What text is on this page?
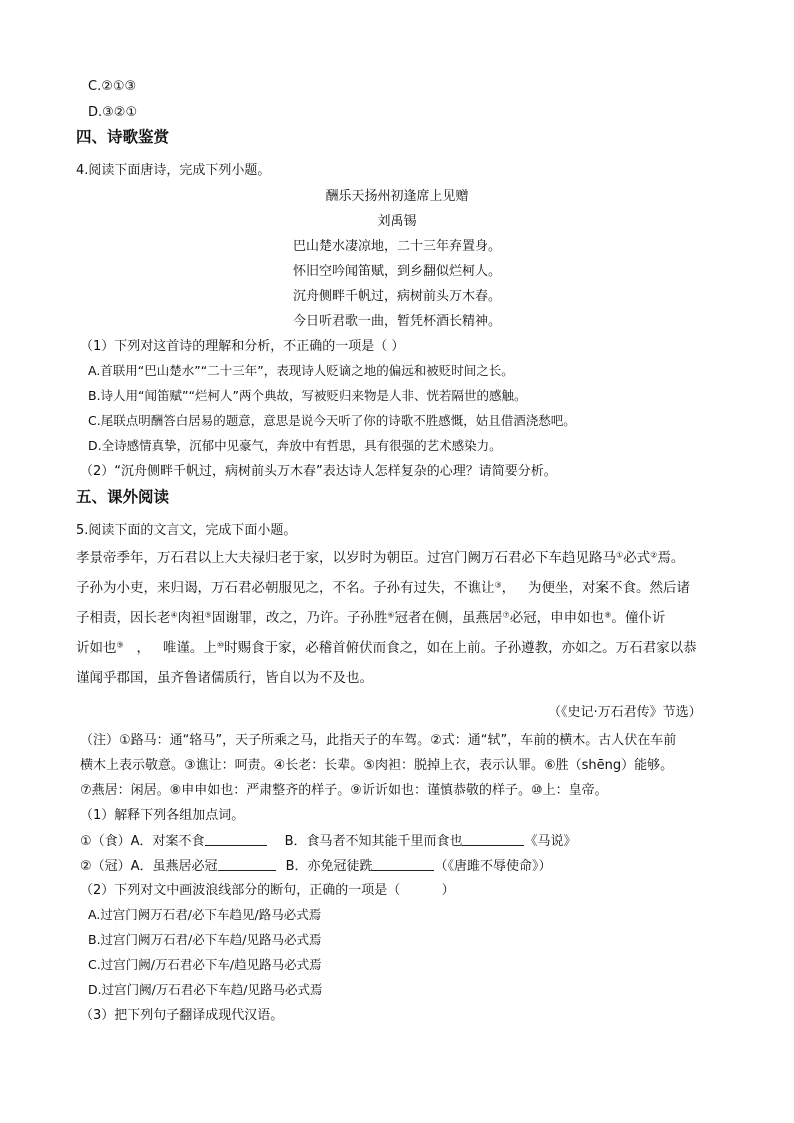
C.②①③
D.③②①
四、诗歌鉴赏
4.阅读下面唐诗，完成下列小题。
酬乐天扬州初逢席上见赠
刘禹锡
巴山楚水凄凉地，二十三年弃置身。
怀旧空吟闻笛赋，到乡翻似烂柯人。
沉舟侧畔千帆过，病树前头万木春。
今日听君歌一曲，暂凭杯酒长精神。
（1）下列对这首诗的理解和分析，不正确的一项是（ ）
A.首联用“巴山楚水”“二十三年”，表现诗人贬谪之地的偏远和被贬时间之长。
B.诗人用“闻笛赋”“烂柯人”两个典故，写被贬归来物是人非、恍若隔世的感触。
C.尾联点明酬答白居易的题意，意思是说今天听了你的诗歌不胜感慨，姑且借酒浇愁吧。
D.全诗感情真挚，沉郁中见豪气，奔放中有哲思，具有很强的艺术感染力。
（2）“沉舟侧畔千帆过，病树前头万木春”表达诗人怎样复杂的心理？请简要分析。
五、课外阅读
5.阅读下面的文言文，完成下面小题。
孝景帝季年，万石君以上大夫禄归老于家，以岁时为朝臣。过宫门阙万石君必下车趋见路马①必式②焉。
子孙为小吏，来归谒，万石君必朝服见之，不名。子孙有过失，不谯让③，   为便坐，对案不食。然后诸
子相责，因长老④肉袒⑤固谢罪，改之，乃许。子孙胜⑥冠者在侧，虽燕居⑦必冠，申申如也⑧。僮仆䜣
䜣如也⑨   ，   唯谨。上⑩时赐食于家，必稽首俯伏而食之，如在上前。子孙遵教，亦如之。万石君家以恭
谨闻乎郡国，虽齐鲁诸儒质行，皆自以为不及也。
（《史记·万石君传》节选）
（注）①路马：通“辂马”，天子所乘之马，此指天子的车驾。②式：通“轼”，车前的横木。古人伏在车前
横木上表示敬意。③谯让：呵责。④长老：长辈。⑤肉袒：脱掉上衣，表示认罪。⑥胜（shēng）能够。
⑦燕居：闲居。⑧申申如也：严肃整齐的样子。⑨䜣䜣如也：谨慎恭敬的样子。⑩上：皇帝。
（1）解释下列各组加点词。
①（食）A．对案不食	B．食马者不知其能千里而食也	《马说》
②（冠）A．虽燕居必冠	B．亦免冠徒跣	（《唐雎不辱使命》）
（2）下列对文中画波浪线部分的断句，正确的一项是（          ）
A.过宫门阙万石君/必下车趋见/路马必式焉
B.过宫门阙万石君/必下车趋/见路马必式焉
C.过宫门阙/万石君必下车/趋见路马必式焉
D.过宫门阙/万石君必下车趋/见路马必式焉
（3）把下列句子翻译成现代汉语。
